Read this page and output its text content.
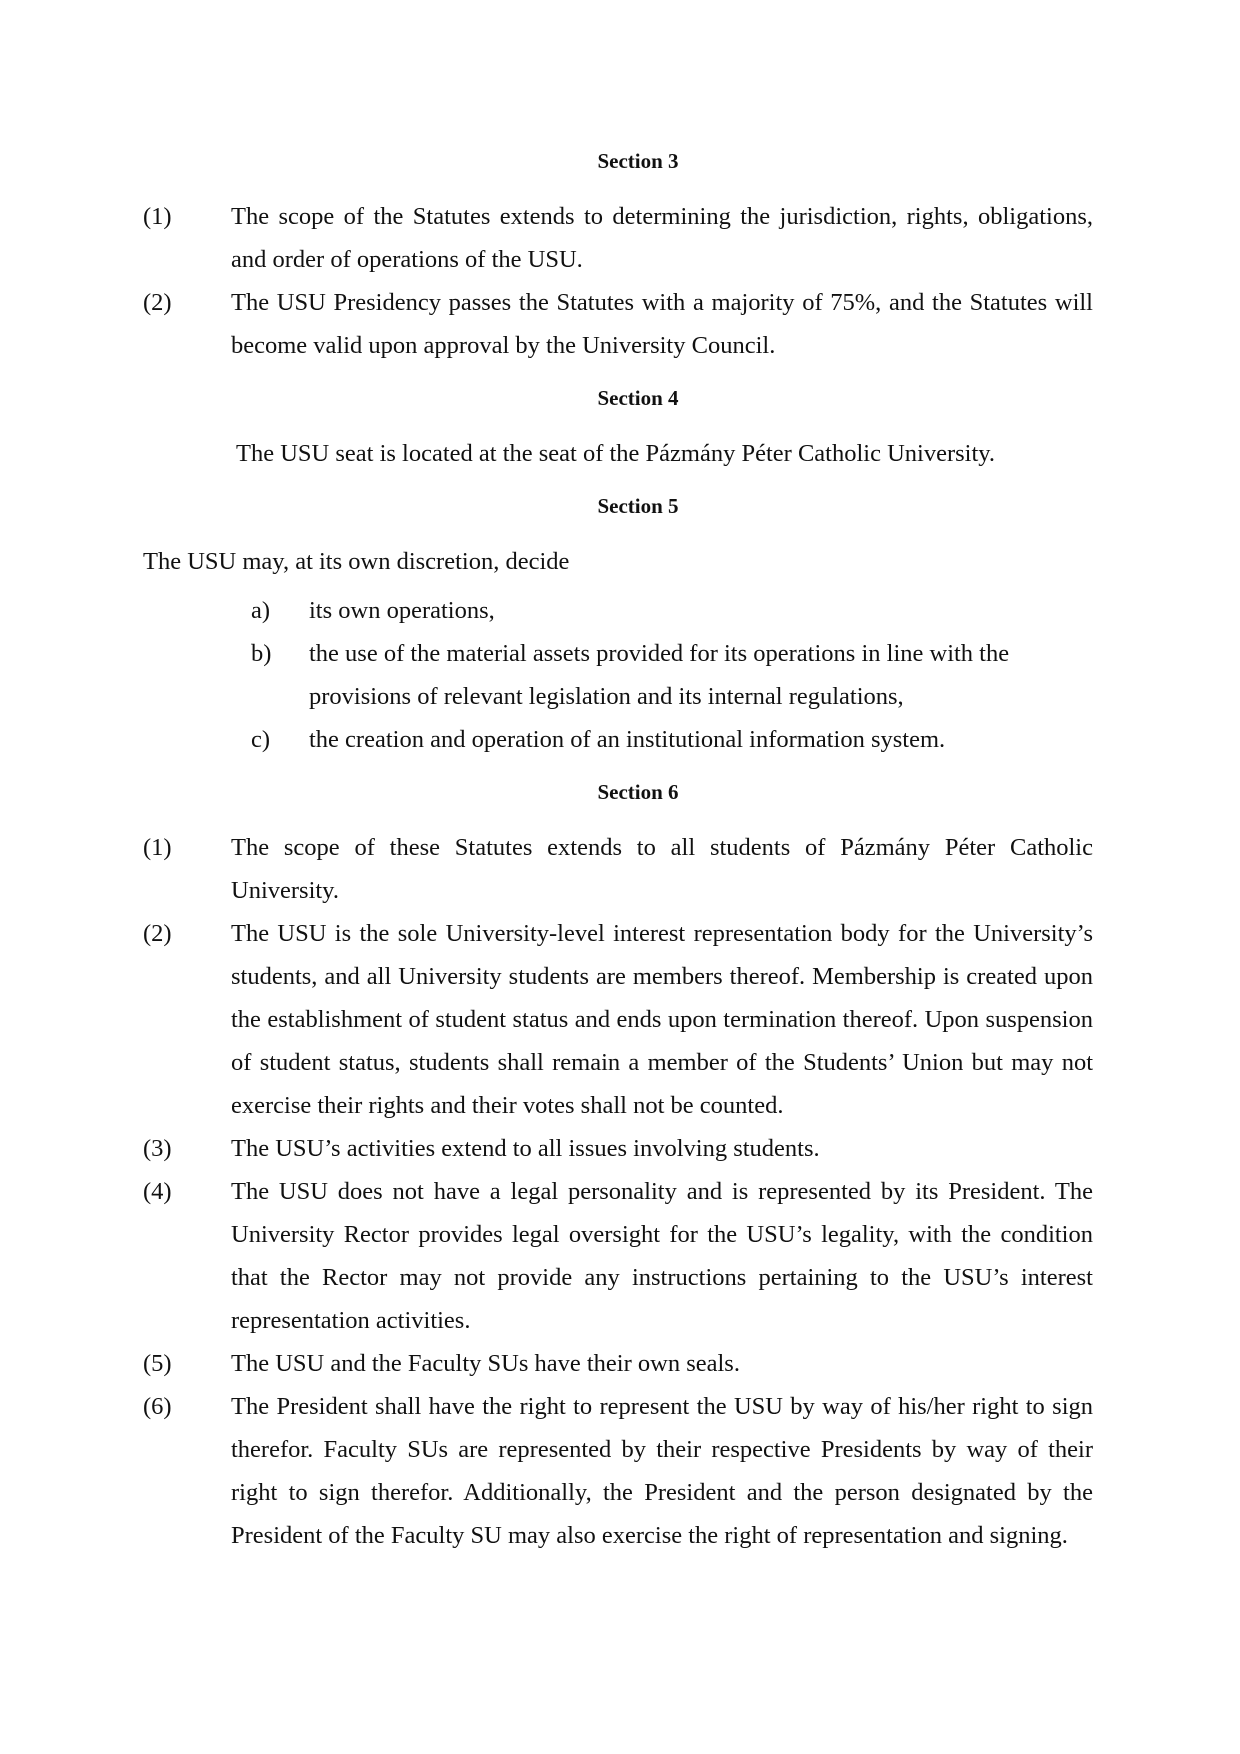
Section 3
(1)	The scope of the Statutes extends to determining the jurisdiction, rights, obligations, and order of operations of the USU.
(2)	The USU Presidency passes the Statutes with a majority of 75%, and the Statutes will become valid upon approval by the University Council.
Section 4

The USU seat is located at the seat of the Pázmány Péter Catholic University.

Section 5

The USU may, at its own discretion, decide

a)	its own operations,
b)	the use of the material assets provided for its operations in line with the provisions of relevant legislation and its internal regulations,
c)	the creation and operation of an institutional information system.
Section 6
(1)	The scope of these Statutes extends to all students of Pázmány Péter Catholic University.
(2)	The USU is the sole University-level interest representation body for the University’s students, and all University students are members thereof. Membership is created upon the establishment of student status and ends upon termination thereof. Upon suspension of student status, students shall remain a member of the Students’ Union but may not exercise their rights and their votes shall not be counted.
(3)	The USU’s activities extend to all issues involving students.
(4)	The USU does not have a legal personality and is represented by its President. The University Rector provides legal oversight for the USU’s legality, with the condition that the Rector may not provide any instructions pertaining to the USU’s interest representation activities.
(5)	The USU and the Faculty SUs have their own seals.
(6)	The President shall have the right to represent the USU by way of his/her right to sign therefor. Faculty SUs are represented by their respective Presidents by way of their right to sign therefor. Additionally, the President and the person designated by the President of the Faculty SU may also exercise the right of representation and signing.
